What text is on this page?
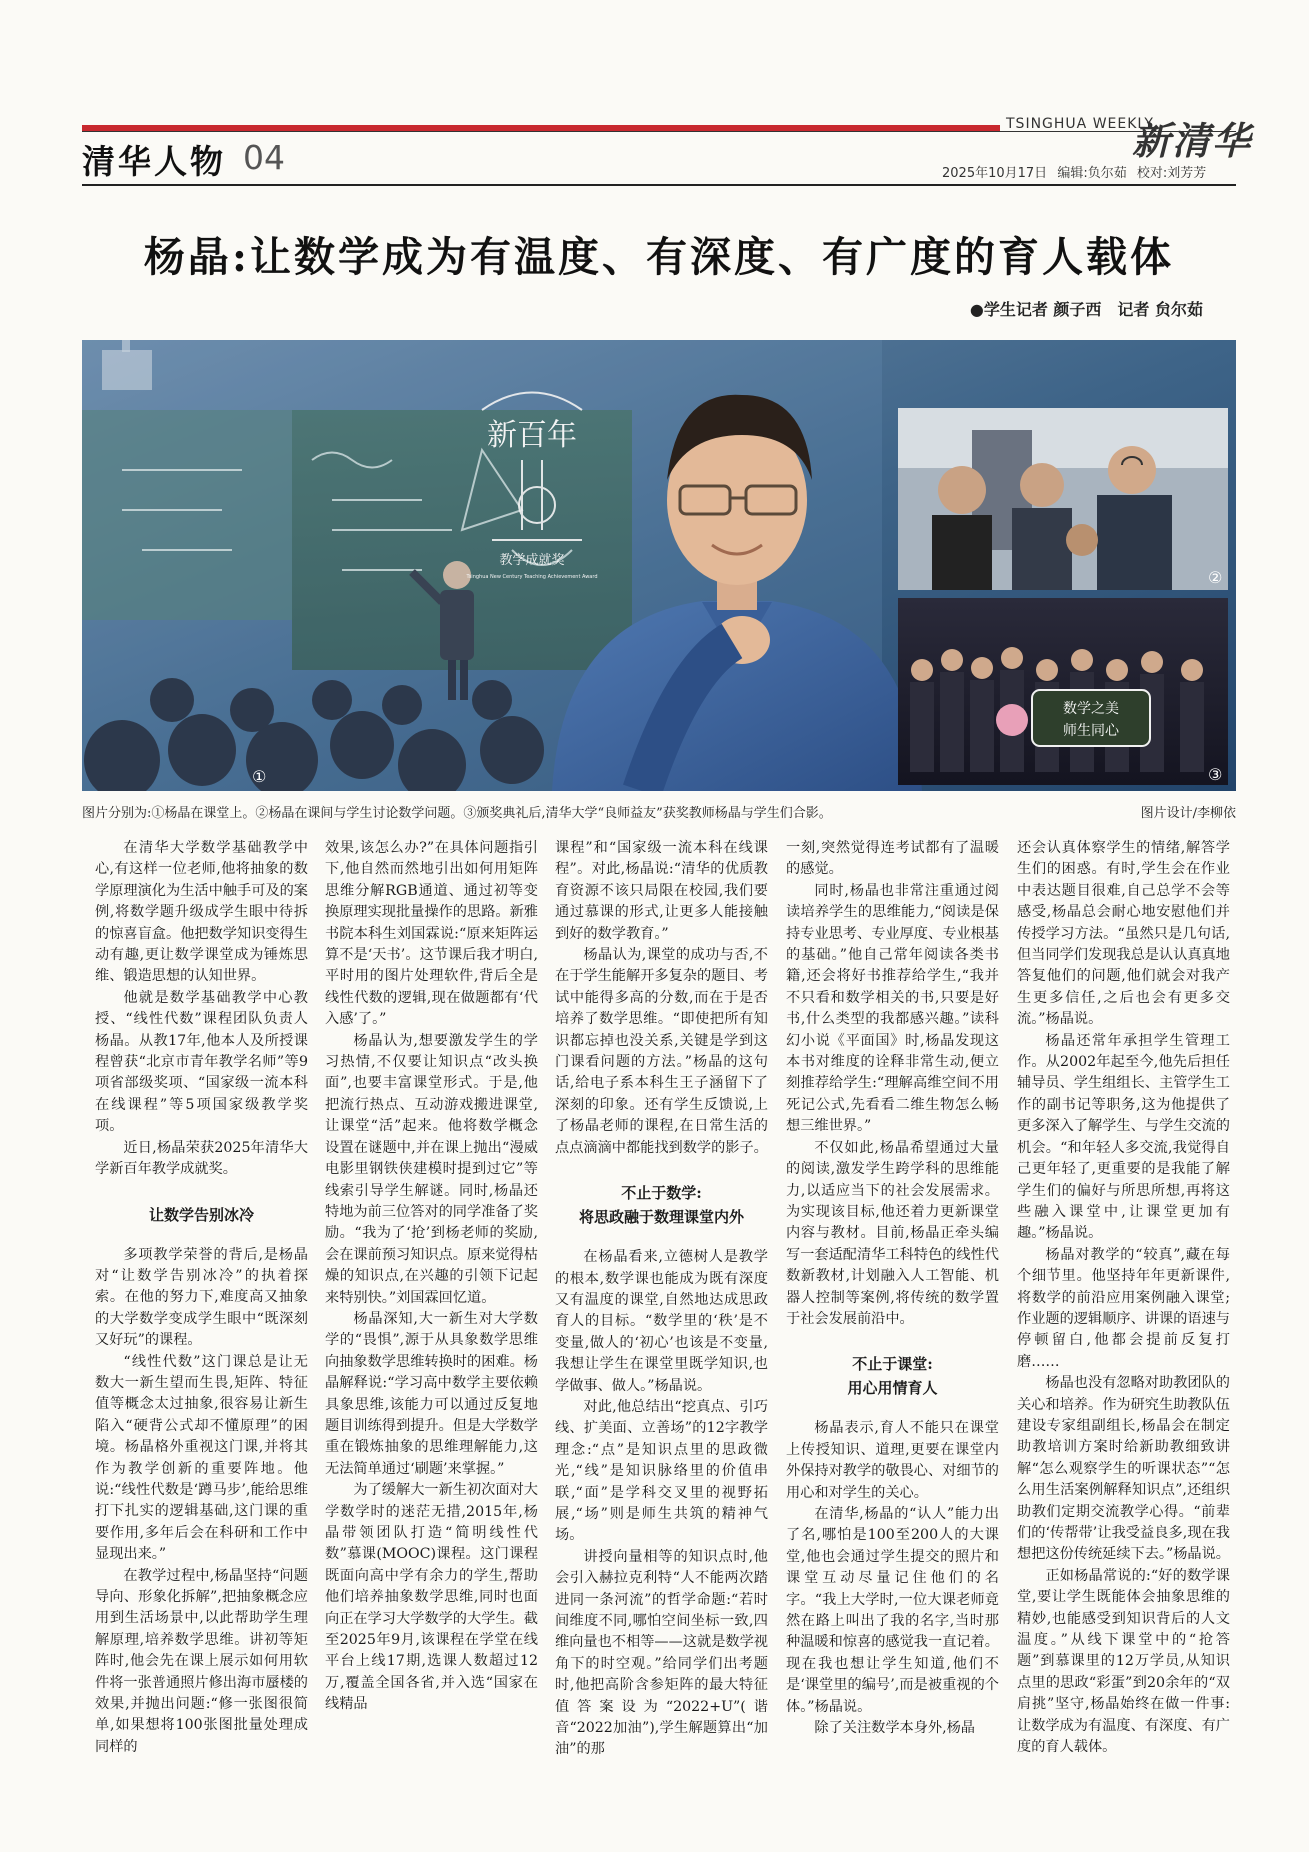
清华人物 04
TSINGHUA WEEKLY
新清华
2025年10月17日 编辑:负尔茹 校对:刘芳芳
杨晶:让数学成为有温度、有深度、有广度的育人载体
●学生记者 颜子西　记者 贠尔茹
新百年
教学成就奖
Tsinghua New Century Teaching Achievement Award	②
数学之美
师生同心
③
①
图片分别为:①杨晶在课堂上。②杨晶在课间与学生讨论数学问题。③颁奖典礼后,清华大学“良师益友”获奖教师杨晶与学生们合影。	图片设计/李柳依

在清华大学数学基础教学中心,有这样一位老师,他将抽象的数学原理演化为生活中触手可及的案例,将数学题升级成学生眼中待拆的惊喜盲盒。他把数学知识变得生动有趣,更让数学课堂成为锤炼思维、锻造思想的认知世界。

他就是数学基础教学中心教授、“线性代数”课程团队负责人杨晶。从教17年,他本人及所授课程曾获“北京市青年教学名师”等9项省部级奖项、“国家级一流本科在线课程”等5项国家级教学奖项。

近日,杨晶荣获2025年清华大学新百年教学成就奖。

让数学告别冰冷

多项教学荣誉的背后,是杨晶对“让数学告别冰冷”的执着探索。在他的努力下,难度高又抽象的大学数学变成学生眼中“既深刻又好玩”的课程。

“线性代数”这门课总是让无数大一新生望而生畏,矩阵、特征值等概念太过抽象,很容易让新生陷入“硬背公式却不懂原理”的困境。杨晶格外重视这门课,并将其作为教学创新的重要阵地。他说:“线性代数是‘蹲马步’,能给思维打下扎实的逻辑基础,这门课的重要作用,多年后会在科研和工作中显现出来。”

在教学过程中,杨晶坚持“问题导向、形象化拆解”,把抽象概念应用到生活场景中,以此帮助学生理解原理,培养数学思维。讲初等矩阵时,他会先在课上展示如何用软件将一张普通照片修出海市蜃楼的效果,并抛出问题:“修一张图很简单,如果想将100张图批量处理成同样的

效果,该怎么办?”在具体问题指引下,他自然而然地引出如何用矩阵思维分解RGB通道、通过初等变换原理实现批量操作的思路。新雅书院本科生刘国霖说:“原来矩阵运算不是‘天书’。这节课后我才明白,平时用的图片处理软件,背后全是线性代数的逻辑,现在做题都有‘代入感’了。”

杨晶认为,想要激发学生的学习热情,不仅要让知识点“改头换面”,也要丰富课堂形式。于是,他把流行热点、互动游戏搬进课堂,让课堂“活”起来。他将数学概念设置在谜题中,并在课上抛出“漫威电影里钢铁侠建模时提到过它”等线索引导学生解谜。同时,杨晶还特地为前三位答对的同学准备了奖励。“我为了‘抢’到杨老师的奖励,会在课前预习知识点。原来觉得枯燥的知识点,在兴趣的引领下记起来特别快。”刘国霖回忆道。

杨晶深知,大一新生对大学数学的“畏惧”,源于从具象数学思维向抽象数学思维转换时的困难。杨晶解释说:“学习高中数学主要依赖具象思维,该能力可以通过反复地题目训练得到提升。但是大学数学重在锻炼抽象的思维理解能力,这无法简单通过‘刷题’来掌握。”

为了缓解大一新生初次面对大学数学时的迷茫无措,2015年,杨晶带领团队打造“简明线性代数”慕课(MOOC)课程。这门课程既面向高中学有余力的学生,帮助他们培养抽象数学思维,同时也面向正在学习大学数学的大学生。截至2025年9月,该课程在学堂在线平台上线17期,选课人数超过12万,覆盖全国各省,并入选“国家在线精品

课程”和“国家级一流本科在线课程”。对此,杨晶说:“清华的优质教育资源不该只局限在校园,我们要通过慕课的形式,让更多人能接触到好的数学教育。”

杨晶认为,课堂的成功与否,不在于学生能解开多复杂的题目、考试中能得多高的分数,而在于是否培养了数学思维。“即使把所有知识都忘掉也没关系,关键是学到这门课看问题的方法。”杨晶的这句话,给电子系本科生王子涵留下了深刻的印象。还有学生反馈说,上了杨晶老师的课程,在日常生活的点点滴滴中都能找到数学的影子。

不止于数学:
将思政融于数理课堂内外

在杨晶看来,立德树人是教学的根本,数学课也能成为既有深度又有温度的课堂,自然地达成思政育人的目标。“数学里的‘秩’是不变量,做人的‘初心’也该是不变量,我想让学生在课堂里既学知识,也学做事、做人。”杨晶说。

对此,他总结出“挖真点、引巧线、扩美面、立善场”的12字教学理念:“点”是知识点里的思政微光,“线”是知识脉络里的价值串联,“面”是学科交叉里的视野拓展,“场”则是师生共筑的精神气场。

讲授向量相等的知识点时,他会引入赫拉克利特“人不能两次踏进同一条河流”的哲学命题:“若时间维度不同,哪怕空间坐标一致,四维向量也不相等——这就是数学视角下的时空观。”给同学们出考题时,他把高阶含参矩阵的最大特征值答案设为“2022+U”(谐音“2022加油”),学生解题算出“加油”的那

一刻,突然觉得连考试都有了温暖的感觉。

同时,杨晶也非常注重通过阅读培养学生的思维能力,“阅读是保持专业思考、专业厚度、专业根基的基础。”他自己常年阅读各类书籍,还会将好书推荐给学生,“我并不只看和数学相关的书,只要是好书,什么类型的我都感兴趣。”读科幻小说《平面国》时,杨晶发现这本书对维度的诠释非常生动,便立刻推荐给学生:“理解高维空间不用死记公式,先看看二维生物怎么畅想三维世界。”

不仅如此,杨晶希望通过大量的阅读,激发学生跨学科的思维能力,以适应当下的社会发展需求。为实现该目标,他还着力更新课堂内容与教材。目前,杨晶正牵头编写一套适配清华工科特色的线性代数新教材,计划融入人工智能、机器人控制等案例,将传统的数学置于社会发展前沿中。

不止于课堂:
用心用情育人

杨晶表示,育人不能只在课堂上传授知识、道理,更要在课堂内外保持对教学的敬畏心、对细节的用心和对学生的关心。

在清华,杨晶的“认人”能力出了名,哪怕是100至200人的大课堂,他也会通过学生提交的照片和课堂互动尽量记住他们的名字。“我上大学时,一位大课老师竟然在路上叫出了我的名字,当时那种温暖和惊喜的感觉我一直记着。现在我也想让学生知道,他们不是‘课堂里的编号’,而是被重视的个体。”杨晶说。

除了关注数学本身外,杨晶

还会认真体察学生的情绪,解答学生们的困惑。有时,学生会在作业中表达题目很难,自己总学不会等感受,杨晶总会耐心地安慰他们并传授学习方法。“虽然只是几句话,但当同学们发现我总是认认真真地答复他们的问题,他们就会对我产生更多信任,之后也会有更多交流。”杨晶说。

杨晶还常年承担学生管理工作。从2002年起至今,他先后担任辅导员、学生组组长、主管学生工作的副书记等职务,这为他提供了更多深入了解学生、与学生交流的机会。“和年轻人多交流,我觉得自己更年轻了,更重要的是我能了解学生们的偏好与所思所想,再将这些融入课堂中,让课堂更加有趣。”杨晶说。

杨晶对教学的“较真”,藏在每个细节里。他坚持年年更新课件,将数学的前沿应用案例融入课堂;作业题的逻辑顺序、讲课的语速与停顿留白,他都会提前反复打磨……

杨晶也没有忽略对助教团队的关心和培养。作为研究生助教队伍建设专家组副组长,杨晶会在制定助教培训方案时给新助教细致讲解“怎么观察学生的听课状态”“怎么用生活案例解释知识点”,还组织助教们定期交流教学心得。“前辈们的‘传帮带’让我受益良多,现在我想把这份传统延续下去。”杨晶说。

正如杨晶常说的:“好的数学课堂,要让学生既能体会抽象思维的精妙,也能感受到知识背后的人文温度。”从线下课堂中的“抢答题”到慕课里的12万学员,从知识点里的思政“彩蛋”到20余年的“双肩挑”坚守,杨晶始终在做一件事:让数学成为有温度、有深度、有广度的育人载体。
